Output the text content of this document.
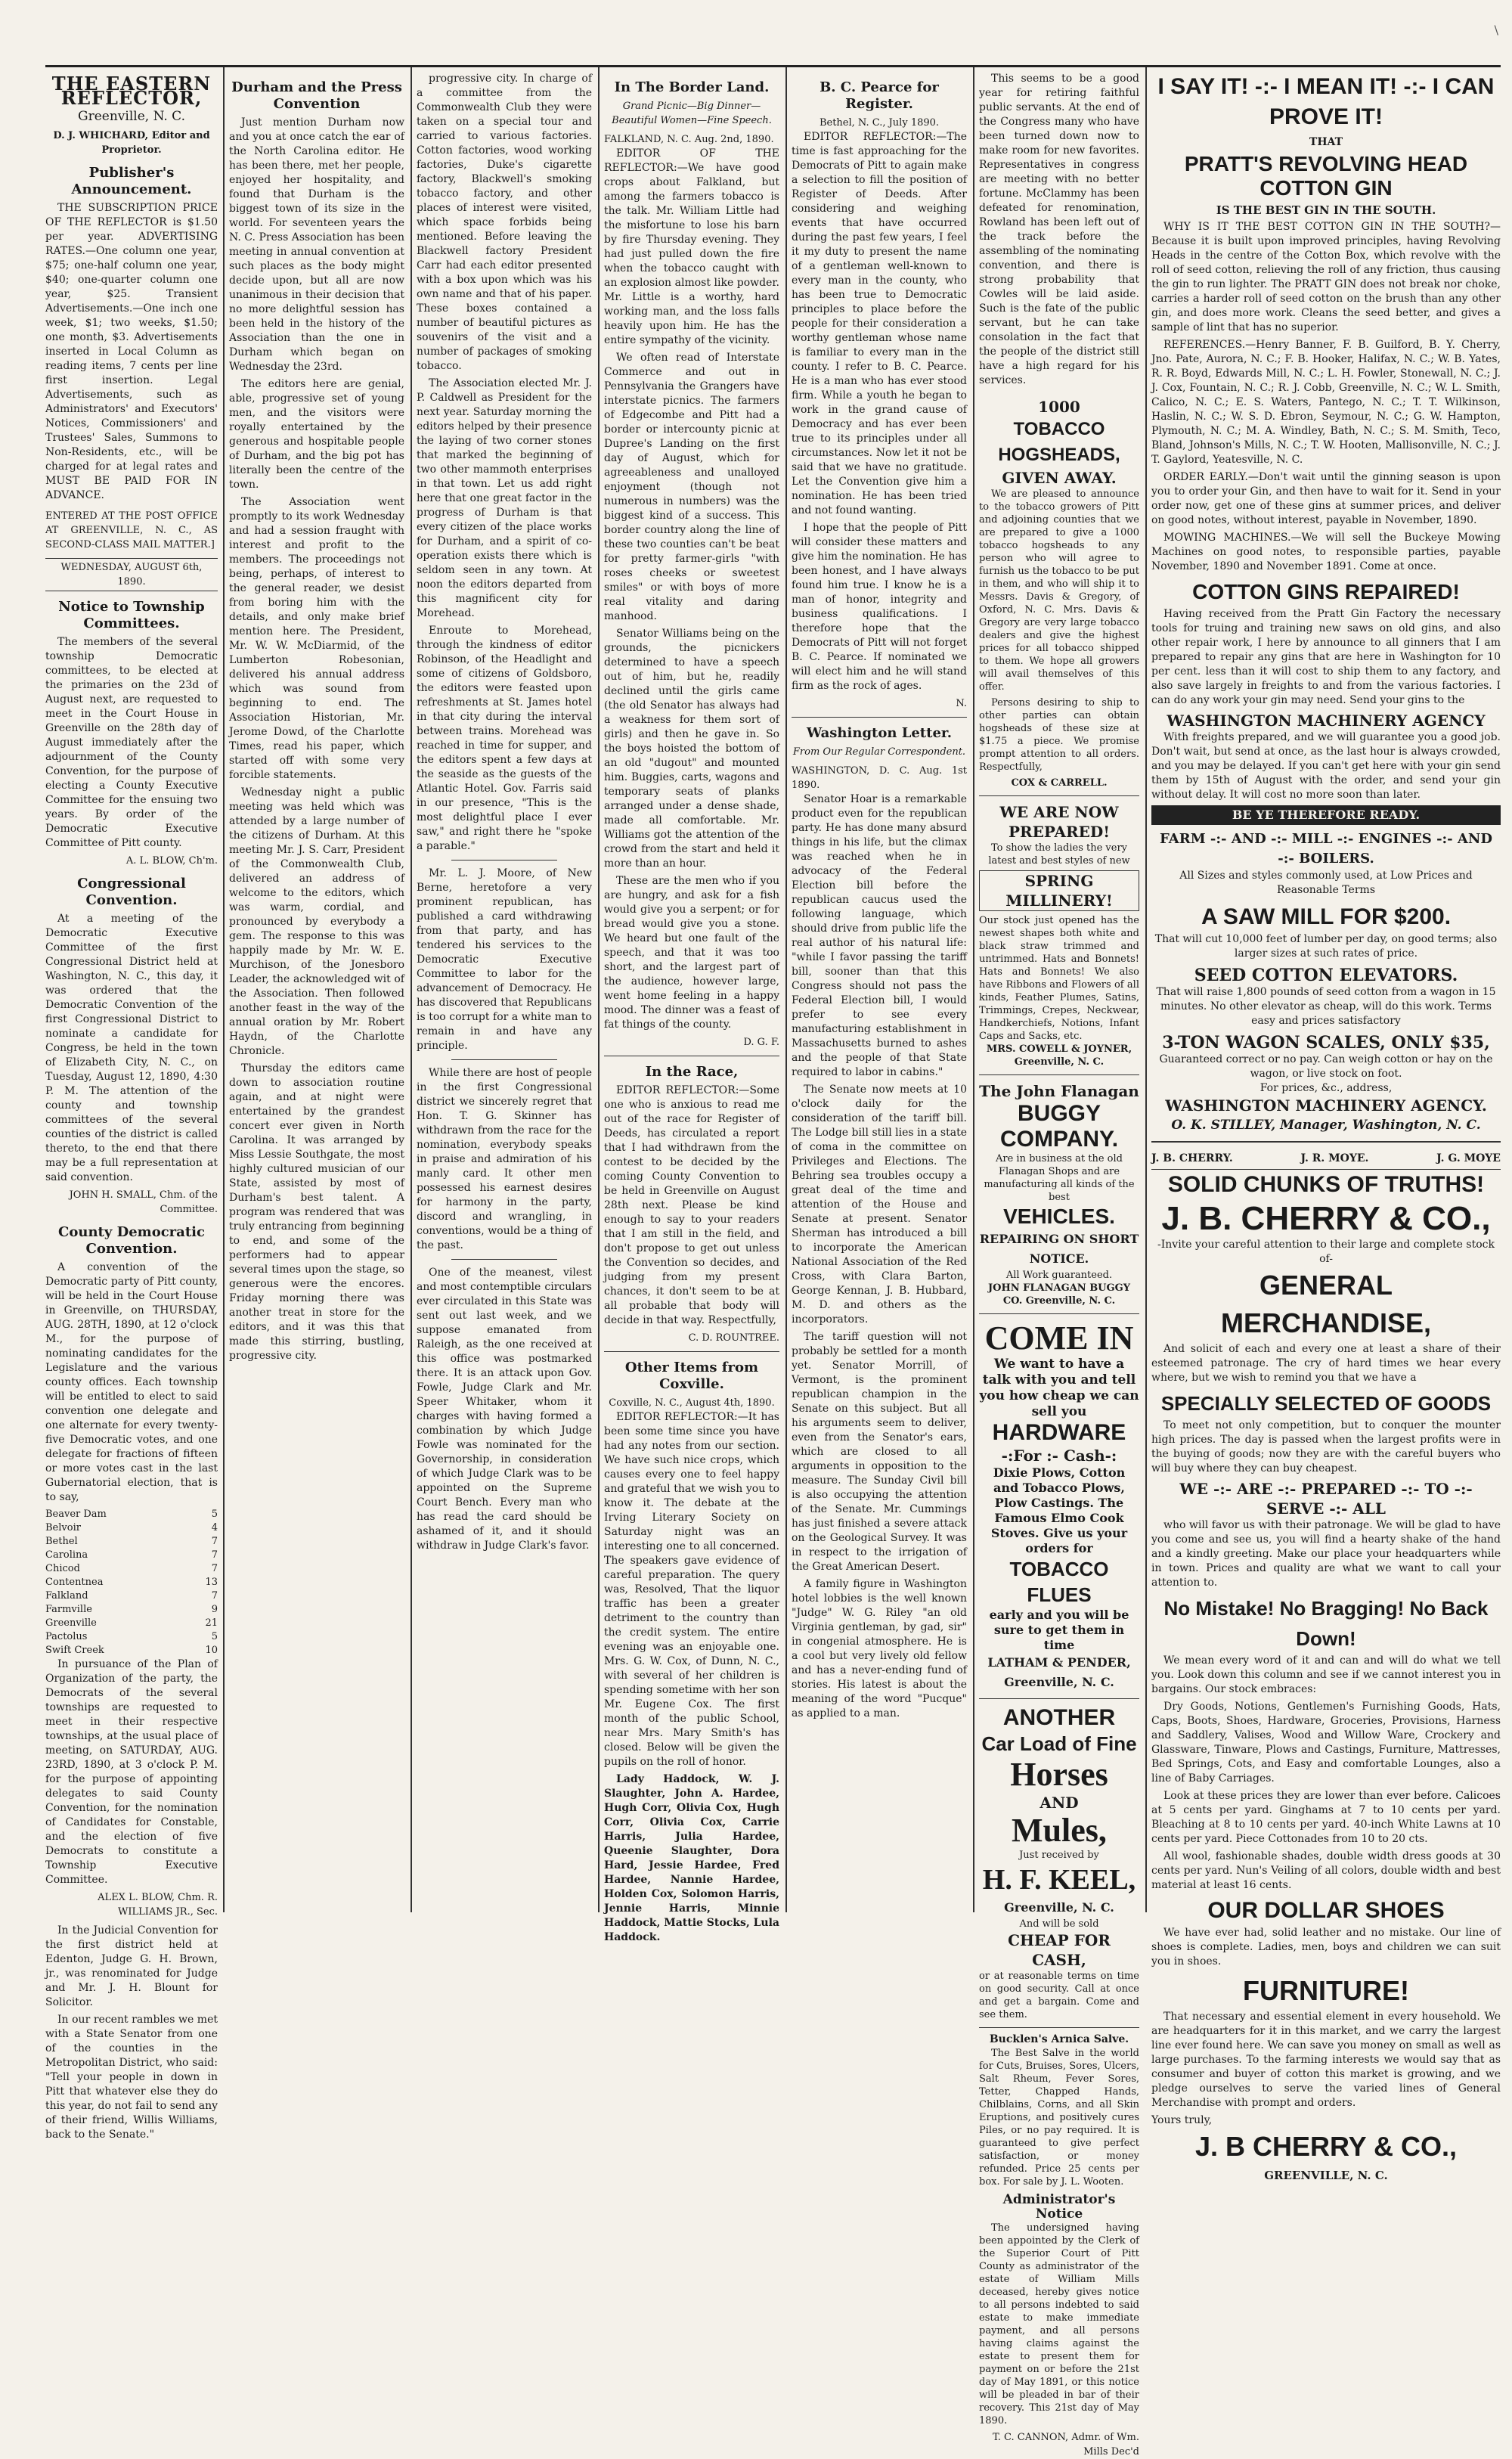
\
THE EASTERN REFLECTOR,
Greenville, N. C.
D. J. WHICHARD, Editor and Proprietor.
Publisher's Announcement.

THE SUBSCRIPTION PRICE OF THE REFLECTOR is $1.50 per year. ADVERTISING RATES.—One column one year, $75; one-half column one year, $40; one-quarter column one year, $25. Transient Advertisements.—One inch one week, $1; two weeks, $1.50; one month, $3. Advertisements inserted in Local Column as reading items, 7 cents per line first insertion. Legal Advertisements, such as Administrators' and Executors' Notices, Commissioners' and Trustees' Sales, Summons to Non-Residents, etc., will be charged for at legal rates and MUST BE PAID FOR IN ADVANCE.

ENTERED AT THE POST OFFICE AT GREENVILLE, N. C., AS SECOND-CLASS MAIL MATTER.]
WEDNESDAY, AUGUST 6th, 1890.
Notice to Township Committees.

The members of the several township Democratic committees, to be elected at the primaries on the 23d of August next, are requested to meet in the Court House in Greenville on the 28th day of August immediately after the adjournment of the County Convention, for the purpose of electing a County Executive Committee for the ensuing two years. By order of the Democratic Executive Committee of Pitt county.

A. L. BLOW, Ch'm.
Congressional Convention.

At a meeting of the Democratic Executive Committee of the first Congressional District held at Washington, N. C., this day, it was ordered that the Democratic Convention of the first Congressional District to nominate a candidate for Congress, be held in the town of Elizabeth City, N. C., on Tuesday, August 12, 1890, 4:30 P. M. The attention of the county and township committees of the several counties of the district is called thereto, to the end that there may be a full representation at said convention.

JOHN H. SMALL, Chm. of the Committee.
County Democratic Convention.

A convention of the Democratic party of Pitt county, will be held in the Court House in Greenville, on THURSDAY, AUG. 28TH, 1890, at 12 o'clock M., for the purpose of nominating candidates for the Legislature and the various county offices. Each township will be entitled to elect to said convention one delegate and one alternate for every twenty-five Democratic votes, and one delegate for fractions of fifteen or more votes cast in the last Gubernatorial election, that is to say,

Beaver Dam	5
Belvoir	4
Bethel	7
Carolina	7
Chicod	7
Contentnea	13
Falkland	7
Farmville	9
Greenville	21
Pactolus	5
Swift Creek	10

In pursuance of the Plan of Organization of the party, the Democrats of the several townships are requested to meet in their respective townships, at the usual place of meeting, on SATURDAY, AUG. 23RD, 1890, at 3 o'clock P. M. for the purpose of appointing delegates to said County Convention, for the nomination of Candidates for Constable, and the election of five Democrats to constitute a Township Executive Committee.

ALEX L. BLOW, Chm. R. WILLIAMS JR., Sec.

In the Judicial Convention for the first district held at Edenton, Judge G. H. Brown, jr., was renominated for Judge and Mr. J. H. Blount for Solicitor.

In our recent rambles we met with a State Senator from one of the counties in the Metropolitan District, who said: "Tell your people in down in Pitt that whatever else they do this year, do not fail to send any of their friend, Willis Williams, back to the Senate."

Durham and the Press Convention

Just mention Durham now and you at once catch the ear of the North Carolina editor. He has been there, met her people, enjoyed her hospitality, and found that Durham is the biggest town of its size in the world. For seventeen years the N. C. Press Association has been meeting in annual convention at such places as the body might decide upon, but all are now unanimous in their decision that no more delightful session has been held in the history of the Association than the one in Durham which began on Wednesday the 23rd.

The editors here are genial, able, progressive set of young men, and the visitors were royally entertained by the generous and hospitable people of Durham, and the big pot has literally been the centre of the town.

The Association went promptly to its work Wednesday and had a session fraught with interest and profit to the members. The proceedings not being, perhaps, of interest to the general reader, we desist from boring him with the details, and only make brief mention here. The President, Mr. W. W. McDiarmid, of the Lumberton Robesonian, delivered his annual address which was sound from beginning to end. The Association Historian, Mr. Jerome Dowd, of the Charlotte Times, read his paper, which started off with some very forcible statements.

Wednesday night a public meeting was held which was attended by a large number of the citizens of Durham. At this meeting Mr. J. S. Carr, President of the Commonwealth Club, delivered an address of welcome to the editors, which was warm, cordial, and pronounced by everybody a gem. The response to this was happily made by Mr. W. E. Murchison, of the Jonesboro Leader, the acknowledged wit of the Association. Then followed another feast in the way of the annual oration by Mr. Robert Haydn, of the Charlotte Chronicle.

Thursday the editors came down to association routine again, and at night were entertained by the grandest concert ever given in North Carolina. It was arranged by Miss Lessie Southgate, the most highly cultured musician of our State, assisted by most of Durham's best talent. A program was rendered that was truly entrancing from beginning to end, and some of the performers had to appear several times upon the stage, so generous were the encores. Friday morning there was another treat in store for the editors, and it was this that made this stirring, bustling, progressive city.

progressive city. In charge of a committee from the Commonwealth Club they were taken on a special tour and carried to various factories. Cotton factories, wood working factories, Duke's cigarette factory, Blackwell's smoking tobacco factory, and other places of interest were visited, which space forbids being mentioned. Before leaving the Blackwell factory President Carr had each editor presented with a box upon which was his own name and that of his paper. These boxes contained a number of beautiful pictures as souvenirs of the visit and a number of packages of smoking tobacco.

The Association elected Mr. J. P. Caldwell as President for the next year. Saturday morning the editors helped by their presence the laying of two corner stones that marked the beginning of two other mammoth enterprises in that town. Let us add right here that one great factor in the progress of Durham is that every citizen of the place works for Durham, and a spirit of co-operation exists there which is seldom seen in any town. At noon the editors departed from this magnificent city for Morehead.

Enroute to Morehead, through the kindness of editor Robinson, of the Headlight and some of citizens of Goldsboro, the editors were feasted upon refreshments at St. James hotel in that city during the interval between trains. Morehead was reached in time for supper, and the editors spent a few days at the seaside as the guests of the Atlantic Hotel. Gov. Farris said in our presence, "This is the most delightful place I ever saw," and right there he "spoke a parable."

Mr. L. J. Moore, of New Berne, heretofore a very prominent republican, has published a card withdrawing from that party, and has tendered his services to the Democratic Executive Committee to labor for the advancement of Democracy. He has discovered that Republicans is too corrupt for a white man to remain in and have any principle.

While there are host of people in the first Congressional district we sincerely regret that Hon. T. G. Skinner has withdrawn from the race for the nomination, everybody speaks in praise and admiration of his manly card. It other men possessed his earnest desires for harmony in the party, discord and wrangling, in conventions, would be a thing of the past.

One of the meanest, vilest and most contemptible circulars ever circulated in this State was sent out last week, and we suppose emanated from Raleigh, as the one received at this office was postmarked there. It is an attack upon Gov. Fowle, Judge Clark and Mr. Speer Whitaker, whom it charges with having formed a combination by which Judge Fowle was nominated for the Governorship, in consideration of which Judge Clark was to be appointed on the Supreme Court Bench. Every man who has read the card should be ashamed of it, and it should withdraw in Judge Clark's favor.

In The Border Land.
Grand Picnic—Big Dinner—Beautiful Women—Fine Speech.
FALKLAND, N. C. Aug. 2nd, 1890.

EDITOR OF THE REFLECTOR:—We have good crops about Falkland, but among the farmers tobacco is the talk. Mr. William Little had the misfortune to lose his barn by fire Thursday evening. They had just pulled down the fire when the tobacco caught with an explosion almost like powder. Mr. Little is a worthy, hard working man, and the loss falls heavily upon him. He has the entire sympathy of the vicinity.

We often read of Interstate Commerce and out in Pennsylvania the Grangers have interstate picnics. The farmers of Edgecombe and Pitt had a border or intercounty picnic at Dupree's Landing on the first day of August, which for agreeableness and unalloyed enjoyment (though not numerous in numbers) was the biggest kind of a success. This border country along the line of these two counties can't be beat for pretty farmer-girls "with roses cheeks or sweetest smiles" or with boys of more real vitality and daring manhood.

Senator Williams being on the grounds, the picnickers determined to have a speech out of him, but he, readily declined until the girls came (the old Senator has always had a weakness for them sort of girls) and then he gave in. So the boys hoisted the bottom of an old "dugout" and mounted him. Buggies, carts, wagons and temporary seats of planks arranged under a dense shade, made all comfortable. Mr. Williams got the attention of the crowd from the start and held it more than an hour.

These are the men who if you are hungry, and ask for a fish would give you a serpent; or for bread would give you a stone. We heard but one fault of the speech, and that it was too short, and the largest part of the audience, however large, went home feeling in a happy mood. The dinner was a feast of fat things of the county.

D. G. F.
In the Race,

EDITOR REFLECTOR:—Some one who is anxious to read me out of the race for Register of Deeds, has circulated a report that I had withdrawn from the contest to be decided by the coming County Convention to be held in Greenville on August 28th next. Please be kind enough to say to your readers that I am still in the field, and don't propose to get out unless the Convention so decides, and judging from my present chances, it don't seem to be at all probable that body will decide in that way. Respectfully,

C. D. ROUNTREE.
Other Items from Coxville.
Coxville, N. C., August 4th, 1890.

EDITOR REFLECTOR:—It has been some time since you have had any notes from our section. We have such nice crops, which causes every one to feel happy and grateful that we wish you to know it. The debate at the Irving Literary Society on Saturday night was an interesting one to all concerned. The speakers gave evidence of careful preparation. The query was, Resolved, That the liquor traffic has been a greater detriment to the country than the credit system. The entire evening was an enjoyable one. Mrs. G. W. Cox, of Dunn, N. C., with several of her children is spending sometime with her son Mr. Eugene Cox. The first month of the public School, near Mrs. Mary Smith's has closed. Below will be given the pupils on the roll of honor.

Lady Haddock, W. J. Slaughter, John A. Hardee, Hugh Corr, Olivia Cox, Hugh Corr, Olivia Cox, Carrie Harris, Julia Hardee, Queenie Slaughter, Dora Hard, Jessie Hardee, Fred Hardee, Nannie Hardee, Holden Cox, Solomon Harris, Jennie Harris, Minnie Haddock, Mattie Stocks, Lula Haddock.

B. C. Pearce for Register.
Bethel, N. C., July 1890.

EDITOR REFLECTOR:—The time is fast approaching for the Democrats of Pitt to again make a selection to fill the position of Register of Deeds. After considering and weighing events that have occurred during the past few years, I feel it my duty to present the name of a gentleman well-known to every man in the county, who has been true to Democratic principles to place before the people for their consideration a worthy gentleman whose name is familiar to every man in the county. I refer to B. C. Pearce. He is a man who has ever stood firm. While a youth he began to work in the grand cause of Democracy and has ever been true to its principles under all circumstances. Now let it not be said that we have no gratitude. Let the Convention give him a nomination. He has been tried and not found wanting.

I hope that the people of Pitt will consider these matters and give him the nomination. He has been honest, and I have always found him true. I know he is a man of honor, integrity and business qualifications. I therefore hope that the Democrats of Pitt will not forget B. C. Pearce. If nominated we will elect him and he will stand firm as the rock of ages.

N.
Washington Letter.
From Our Regular Correspondent.
WASHINGTON, D. C. Aug. 1st 1890.

Senator Hoar is a remarkable product even for the republican party. He has done many absurd things in his life, but the climax was reached when he in advocacy of the Federal Election bill before the republican caucus used the following language, which should drive from public life the real author of his natural life: "while I favor passing the tariff bill, sooner than that this Congress should not pass the Federal Election bill, I would prefer to see every manufacturing establishment in Massachusetts burned to ashes and the people of that State required to labor in cabins."

The Senate now meets at 10 o'clock daily for the consideration of the tariff bill. The Lodge bill still lies in a state of coma in the committee on Privileges and Elections. The Behring sea troubles occupy a great deal of the time and attention of the House and Senate at present. Senator Sherman has introduced a bill to incorporate the American National Association of the Red Cross, with Clara Barton, George Kennan, J. B. Hubbard, M. D. and others as the incorporators.

The tariff question will not probably be settled for a month yet. Senator Morrill, of Vermont, is the prominent republican champion in the Senate on this subject. But all his arguments seem to deliver, even from the Senator's ears, which are closed to all arguments in opposition to the measure. The Sunday Civil bill is also occupying the attention of the Senate. Mr. Cummings has just finished a severe attack on the Geological Survey. It was in respect to the irrigation of the Great American Desert.

A family figure in Washington hotel lobbies is the well known "Judge" W. G. Riley "an old Virginia gentleman, by gad, sir" in congenial atmosphere. He is a cool but very lively old fellow and has a never-ending fund of stories. His latest is about the meaning of the word "Pucque" as applied to a man.

This seems to be a good year for retiring faithful public servants. At the end of the Congress many who have been turned down now to make room for new favorites. Representatives in congress are meeting with no better fortune. McClammy has been defeated for renomination, Rowland has been left out of the track before the assembling of the nominating convention, and there is strong probability that Cowles will be laid aside. Such is the fate of the public servant, but he can take consolation in the fact that the people of the district still have a high regard for his services.

1000
TOBACCO HOGSHEADS,
GIVEN AWAY.

We are pleased to announce to the tobacco growers of Pitt and adjoining counties that we are prepared to give a 1000 tobacco hogsheads to any person who will agree to furnish us the tobacco to be put in them, and who will ship it to Messrs. Davis & Gregory, of Oxford, N. C. Mrs. Davis & Gregory are very large tobacco dealers and give the highest prices for all tobacco shipped to them. We hope all growers will avail themselves of this offer.

Persons desiring to ship to other parties can obtain hogsheads of these size at $1.75 a piece. We promise prompt attention to all orders. Respectfully,

COX & CARRELL.
WE ARE NOW PREPARED!
To show the ladies the very latest and best styles of new
SPRING MILLINERY!
Our stock just opened has the newest shapes both white and black straw trimmed and untrimmed. Hats and Bonnets! Hats and Bonnets! We also have Ribbons and Flowers of all kinds, Feather Plumes, Satins, Trimmings, Crepes, Neckwear, Handkerchiefs, Notions, Infant Caps and Sacks, etc.
MRS. COWELL & JOYNER, Greenville, N. C.
The John Flanagan
BUGGY COMPANY.
Are in business at the old Flanagan Shops and are manufacturing all kinds of the best
VEHICLES.
REPAIRING ON SHORT NOTICE.
All Work guaranteed.
JOHN FLANAGAN BUGGY CO. Greenville, N. C.
COME IN
We want to have a talk with you and tell you how cheap we can sell you
HARDWARE
-:For :- Cash-:
Dixie Plows, Cotton and Tobacco Plows, Plow Castings. The Famous Elmo Cook Stoves. Give us your orders for
TOBACCO FLUES
early and you will be sure to get them in time
LATHAM & PENDER, Greenville, N. C.
ANOTHER
Car Load of Fine
Horses
AND
Mules,
Just received by
H. F. KEEL,
Greenville, N. C.
And will be sold
CHEAP FOR CASH,
or at reasonable terms on time on good security. Call at once and get a bargain. Come and see them.
Bucklen's Arnica Salve.

The Best Salve in the world for Cuts, Bruises, Sores, Ulcers, Salt Rheum, Fever Sores, Tetter, Chapped Hands, Chilblains, Corns, and all Skin Eruptions, and positively cures Piles, or no pay required. It is guaranteed to give perfect satisfaction, or money refunded. Price 25 cents per box. For sale by J. L. Wooten.

Administrator's Notice

The undersigned having been appointed by the Clerk of the Superior Court of Pitt County as administrator of the estate of William Mills deceased, hereby gives notice to all persons indebted to said estate to make immediate payment, and all persons having claims against the estate to present them for payment on or before the 21st day of May 1891, or this notice will be pleaded in bar of their recovery. This 21st day of May 1890.

T. C. CANNON, Admr. of Wm. Mills Dec'd
I SAY IT! -:- I MEAN IT! -:- I CAN PROVE IT!
THAT
PRATT'S REVOLVING HEAD COTTON GIN
IS THE BEST GIN IN THE SOUTH.

WHY IS IT THE BEST COTTON GIN IN THE SOUTH?—Because it is built upon improved principles, having Revolving Heads in the centre of the Cotton Box, which revolve with the roll of seed cotton, relieving the roll of any friction, thus causing the gin to run lighter. The PRATT GIN does not break nor choke, carries a harder roll of seed cotton on the brush than any other gin, and does more work. Cleans the seed better, and gives a sample of lint that has no superior.

REFERENCES.—Henry Banner, F. B. Guilford, B. Y. Cherry, Jno. Pate, Aurora, N. C.; F. B. Hooker, Halifax, N. C.; W. B. Yates, R. R. Boyd, Edwards Mill, N. C.; L. H. Fowler, Stonewall, N. C.; J. J. Cox, Fountain, N. C.; R. J. Cobb, Greenville, N. C.; W. L. Smith, Calico, N. C.; E. S. Waters, Pantego, N. C.; T. T. Wilkinson, Haslin, N. C.; W. S. D. Ebron, Seymour, N. C.; G. W. Hampton, Plymouth, N. C.; M. A. Windley, Bath, N. C.; S. M. Smith, Teco, Bland, Johnson's Mills, N. C.; T. W. Hooten, Mallisonville, N. C.; J. T. Gaylord, Yeatesville, N. C.

ORDER EARLY.—Don't wait until the ginning season is upon you to order your Gin, and then have to wait for it. Send in your order now, get one of these gins at summer prices, and deliver on good notes, without interest, payable in November, 1890.

MOWING MACHINES.—We will sell the Buckeye Mowing Machines on good notes, to responsible parties, payable November, 1890 and November 1891. Come at once.

COTTON GINS REPAIRED!

Having received from the Pratt Gin Factory the necessary tools for truing and training new saws on old gins, and also other repair work, I here by announce to all ginners that I am prepared to repair any gins that are here in Washington for 10 per cent. less than it will cost to ship them to any factory, and also save largely in freights to and from the various factories. I can do any work your gin may need. Send your gins to the

WASHINGTON MACHINERY AGENCY

With freights prepared, and we will guarantee you a good job. Don't wait, but send at once, as the last hour is always crowded, and you may be delayed. If you can't get here with your gin send them by 15th of August with the order, and send your gin without delay. It will cost no more soon than later.

BE YE THEREFORE READY.
FARM -:- AND -:- MILL -:- ENGINES -:- AND -:- BOILERS.
All Sizes and styles commonly used, at Low Prices and Reasonable Terms
A SAW MILL FOR $200.
That will cut 10,000 feet of lumber per day, on good terms; also larger sizes at such rates of price.
SEED COTTON ELEVATORS.
That will raise 1,800 pounds of seed cotton from a wagon in 15 minutes. No other elevator as cheap, will do this work. Terms easy and prices satisfactory
3-TON WAGON SCALES, ONLY $35,
Guaranteed correct or no pay. Can weigh cotton or hay on the wagon, or live stock on foot.
For prices, &c., address,
WASHINGTON MACHINERY AGENCY.
O. K. STILLEY, Manager, Washington, N. C.
J. B. CHERRY.	J. R. MOYE.	J. G. MOYE
SOLID CHUNKS OF TRUTHS!
J. B. CHERRY & CO.,
-Invite your careful attention to their large and complete stock of-
GENERAL MERCHANDISE,

And solicit of each and every one at least a share of their esteemed patronage. The cry of hard times we hear every where, but we wish to remind you that we have a

SPECIALLY SELECTED OF GOODS

To meet not only competition, but to conquer the mounter high prices. The day is passed when the largest profits were in the buying of goods; now they are with the careful buyers who will buy where they can buy cheapest.

WE -:- ARE -:- PREPARED -:- TO -:- SERVE -:- ALL

who will favor us with their patronage. We will be glad to have you come and see us, you will find a hearty shake of the hand and a kindly greeting. Make our place your headquarters while in town. Prices and quality are what we want to call your attention to.

No Mistake! No Bragging! No Back Down!

We mean every word of it and can and will do what we tell you. Look down this column and see if we cannot interest you in bargains. Our stock embraces:

Dry Goods, Notions, Gentlemen's Furnishing Goods, Hats, Caps, Boots, Shoes, Hardware, Groceries, Provisions, Harness and Saddlery, Valises, Wood and Willow Ware, Crockery and Glassware, Tinware, Plows and Castings, Furniture, Mattresses, Bed Springs, Cots, and Easy and comfortable Lounges, also a line of Baby Carriages.

Look at these prices they are lower than ever before. Calicoes at 5 cents per yard. Ginghams at 7 to 10 cents per yard. Bleaching at 8 to 10 cents per yard. 40-inch White Lawns at 10 cents per yard. Piece Cottonades from 10 to 20 cts.

All wool, fashionable shades, double width dress goods at 30 cents per yard. Nun's Veiling of all colors, double width and best material at least 16 cents.

OUR DOLLAR SHOES

We have ever had, solid leather and no mistake. Our line of shoes is complete. Ladies, men, boys and children we can suit you in shoes.

FURNITURE!

That necessary and essential element in every household. We are headquarters for it in this market, and we carry the largest line ever found here. We can save you money on small as well as large purchases. To the farming interests we would say that as consumer and buyer of cotton this market is growing, and we pledge ourselves to serve the varied lines of General Merchandise with prompt and orders.

Yours truly,
J. B CHERRY & CO.,
GREENVILLE, N. C.
